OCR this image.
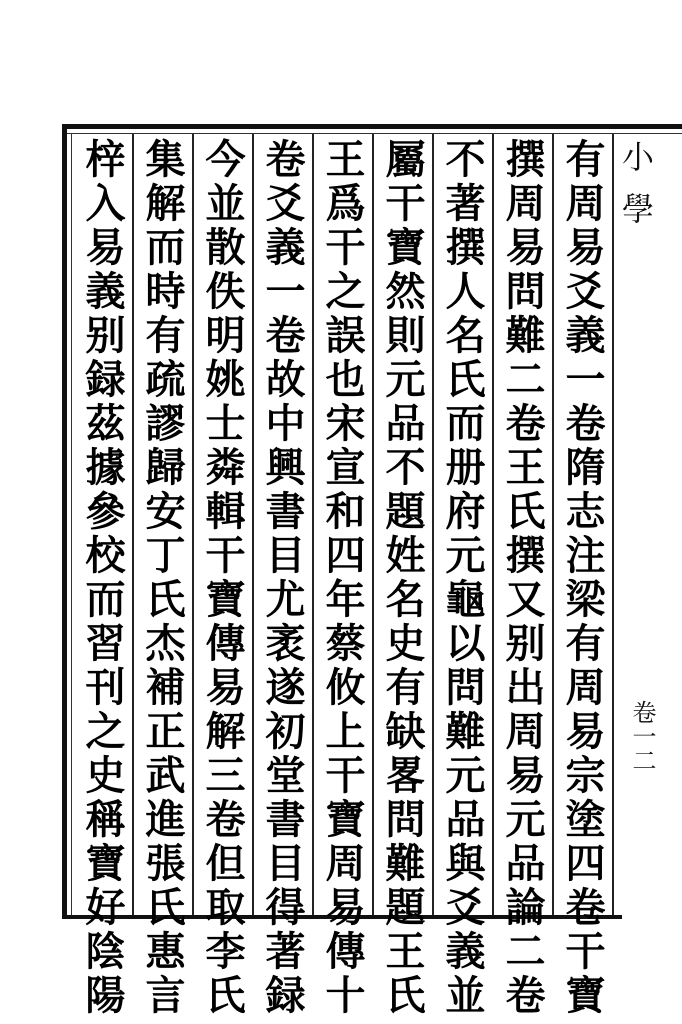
小學
卷一二
有周易爻義一卷隋志注梁有周易宗塗四卷干寶
撰周易問難二卷王氏撰又别出周易元品論二卷
不著撰人名氏而册府元龜以問難元品與爻義並
屬干寶然則元品不題姓名史有缺畧問難題王氏
王爲干之誤也宋宣和四年蔡攸上干寶周易傳十
卷爻義一卷故中興書目尤袤遂初堂書目得著録
今並散佚明姚士粦輯干寶傳易解三卷但取李氏
集解而時有疏謬歸安丁氏杰補正武進張氏惠言
梓入易義别録茲據參校而習刊之史稱寶好陰陽
